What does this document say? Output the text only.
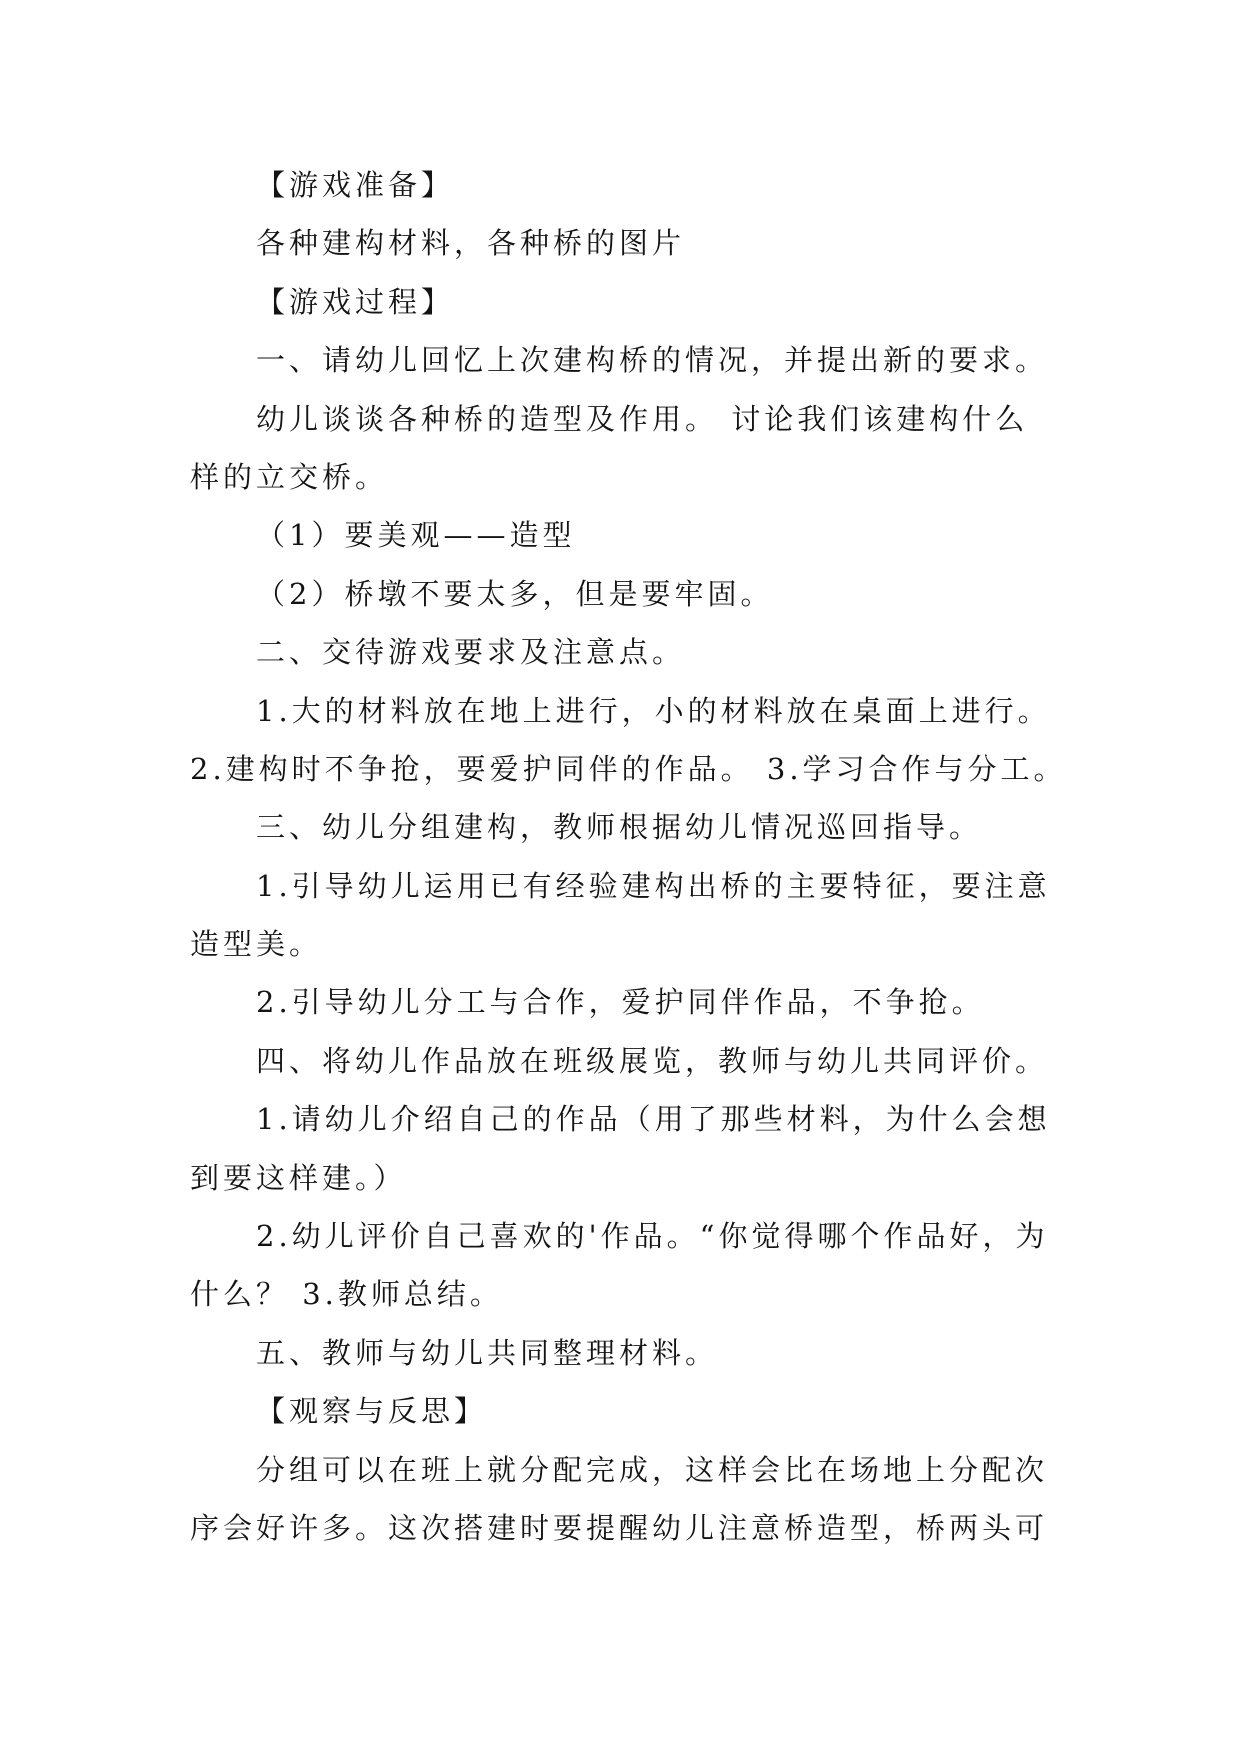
【游戏准备】
各种建构材料，各种桥的图片
【游戏过程】
一、请幼儿回忆上次建构桥的情况，并提出新的要求。
幼儿谈谈各种桥的造型及作用。 讨论我们该建构什么
样的立交桥。
（1）要美观——造型
（2）桥墩不要太多，但是要牢固。
二、交待游戏要求及注意点。
1.大的材料放在地上进行，小的材料放在桌面上进行。
2.建构时不争抢，要爱护同伴的作品。 3.学习合作与分工。
三、幼儿分组建构，教师根据幼儿情况巡回指导。
1.引导幼儿运用已有经验建构出桥的主要特征，要注意
造型美。
2.引导幼儿分工与合作，爱护同伴作品，不争抢。
四、将幼儿作品放在班级展览，教师与幼儿共同评价。
1.请幼儿介绍自己的作品（用了那些材料，为什么会想
到要这样建。）
2.幼儿评价自己喜欢的'作品。“你觉得哪个作品好，为
什么？ 3.教师总结。
五、教师与幼儿共同整理材料。
【观察与反思】
分组可以在班上就分配完成，这样会比在场地上分配次
序会好许多。这次搭建时要提醒幼儿注意桥造型，桥两头可
